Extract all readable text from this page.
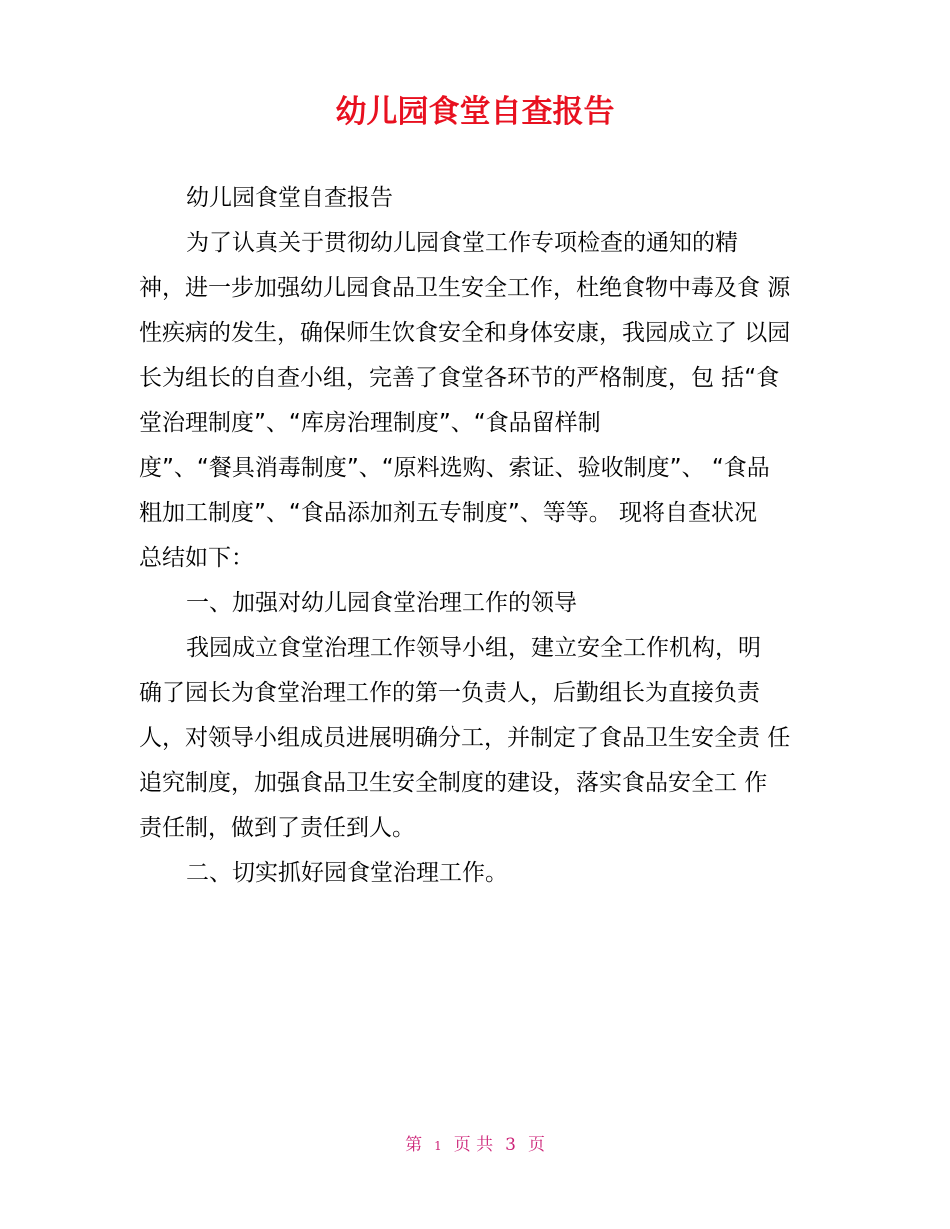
幼儿园食堂自查报告
幼儿园食堂自查报告
为了认真关于贯彻幼儿园食堂工作专项检查的通知的精
神，进一步加强幼儿园食品卫生安全工作，杜绝食物中毒及食 源
性疾病的发生，确保师生饮食安全和身体安康，我园成立了 以园
长为组长的自查小组，完善了食堂各环节的严格制度，包 括“食
堂治理制度”、“库房治理制度”、“食品留样制
度”、“餐具消毒制度”、“原料选购、索证、验收制度”、 “食品
粗加工制度”、“食品添加剂五专制度”、等等。 现将自查状况
总结如下：
一、加强对幼儿园食堂治理工作的领导
我园成立食堂治理工作领导小组，建立安全工作机构，明
确了园长为食堂治理工作的第一负责人，后勤组长为直接负责
人，对领导小组成员进展明确分工，并制定了食品卫生安全责 任
追究制度，加强食品卫生安全制度的建设，落实食品安全工 作
责任制，做到了责任到人。
二、切实抓好园食堂治理工作。
第 1 页 共 3 页
